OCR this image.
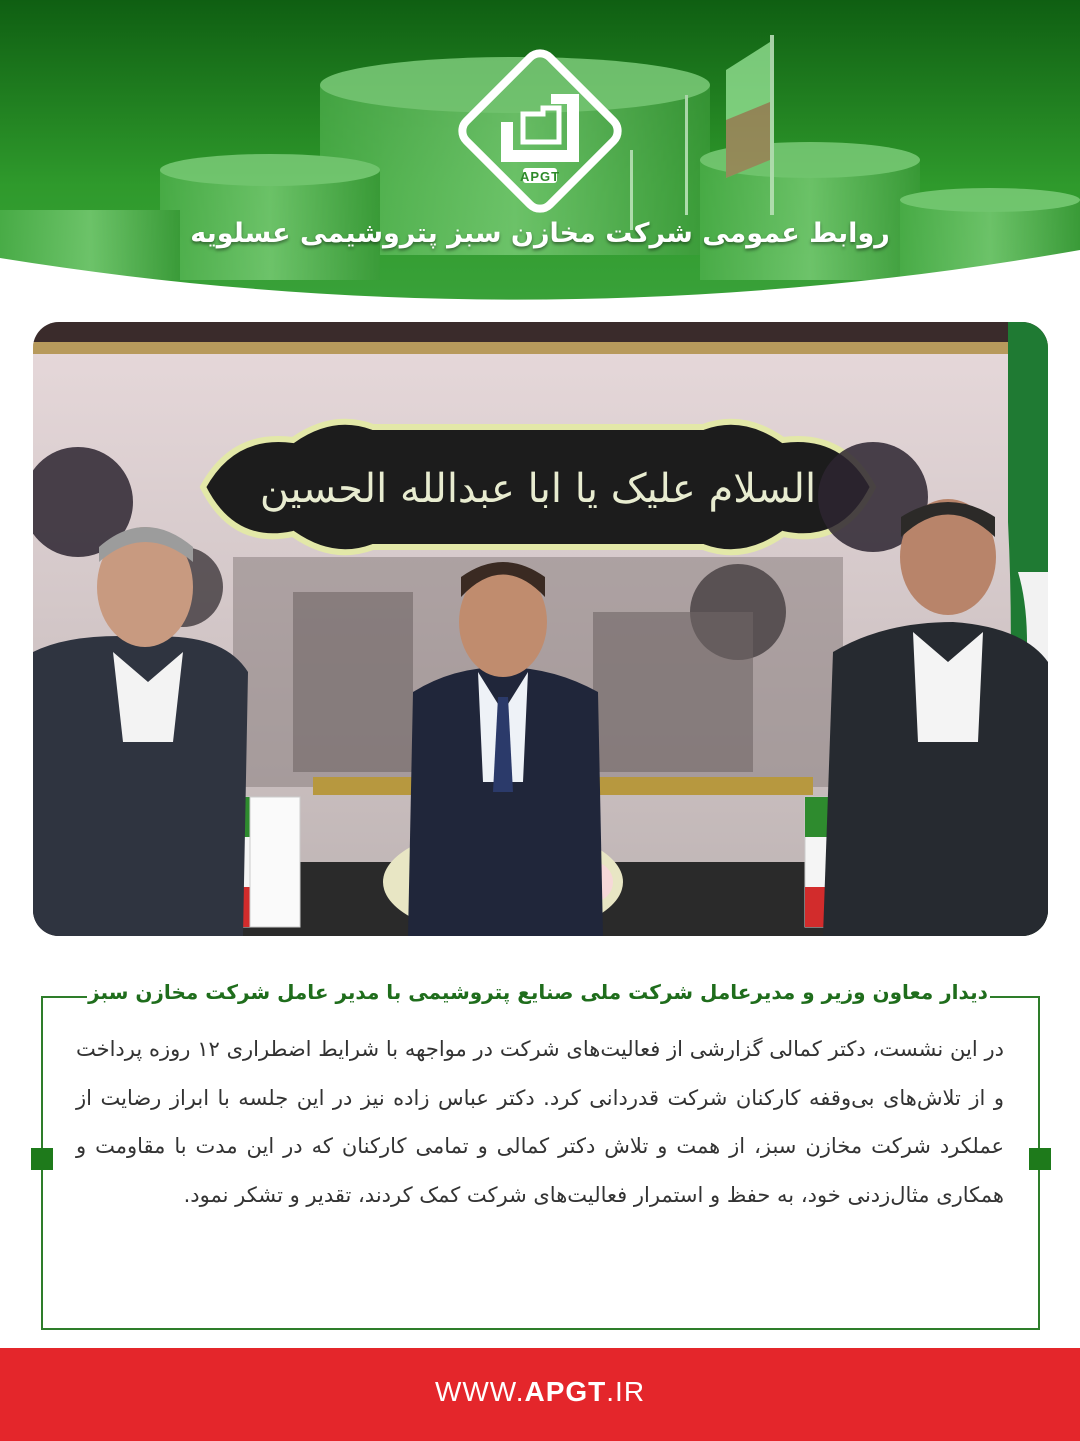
APGT
روابط عمومی شرکت مخازن سبز پتروشیمی عسلویه
السلام علیک یا ابا عبدالله الحسین
دیدار معاون وزیر و مدیرعامل شرکت ملی صنایع پتروشیمی با مدیر عامل شرکت مخازن سبز
در این نشست، دکتر کمالی گزارشی از فعالیت‌های شرکت در مواجهه با شرایط اضطراری ۱۲ روزه پرداخت و از تلاش‌های بی‌وقفه کارکنان شرکت قدردانی کرد. دکتر عباس زاده نیز در این جلسه با ابراز رضایت از عملکرد شرکت مخازن سبز، از همت و تلاش دکتر کمالی و تمامی کارکنان که در این مدت با مقاومت و همکاری مثال‌زدنی خود، به حفظ و استمرار فعالیت‌های شرکت کمک کردند، تقدیر و تشکر نمود.
WWW.APGT.IR
